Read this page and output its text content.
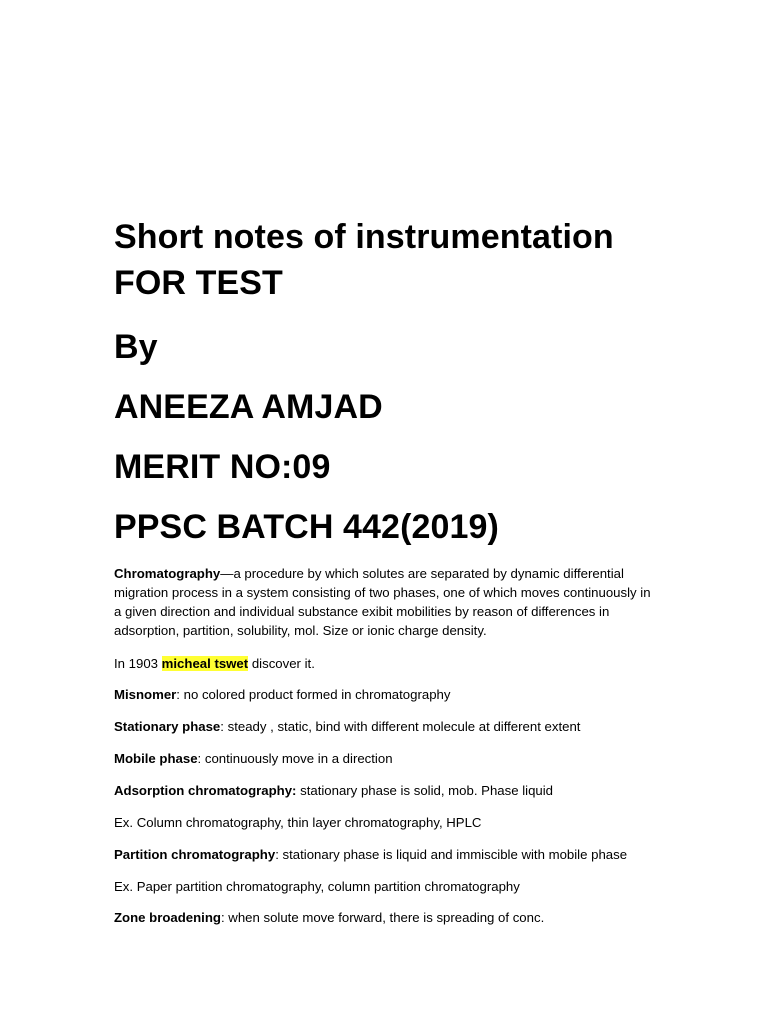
Short notes of instrumentation
FOR TEST
By
ANEEZA AMJAD
MERIT NO:09
PPSC BATCH 442(2019)

Chromatography—a procedure by which solutes are separated by dynamic differential migration process in a system consisting of two phases, one of which moves continuously in a given direction and individual substance exibit mobilities by reason of differences in adsorption, partition, solubility, mol. Size or ionic charge density.

In 1903 micheal tswet discover it.

Misnomer: no colored product formed in chromatography

Stationary phase: steady , static, bind with different molecule at different extent

Mobile phase: continuously move in a direction

Adsorption chromatography: stationary phase is solid, mob. Phase liquid

Ex. Column chromatography, thin layer chromatography, HPLC

Partition chromatography: stationary phase is liquid and immiscible with mobile phase

Ex. Paper partition chromatography, column partition chromatography

Zone broadening: when solute move forward, there is spreading of conc.
